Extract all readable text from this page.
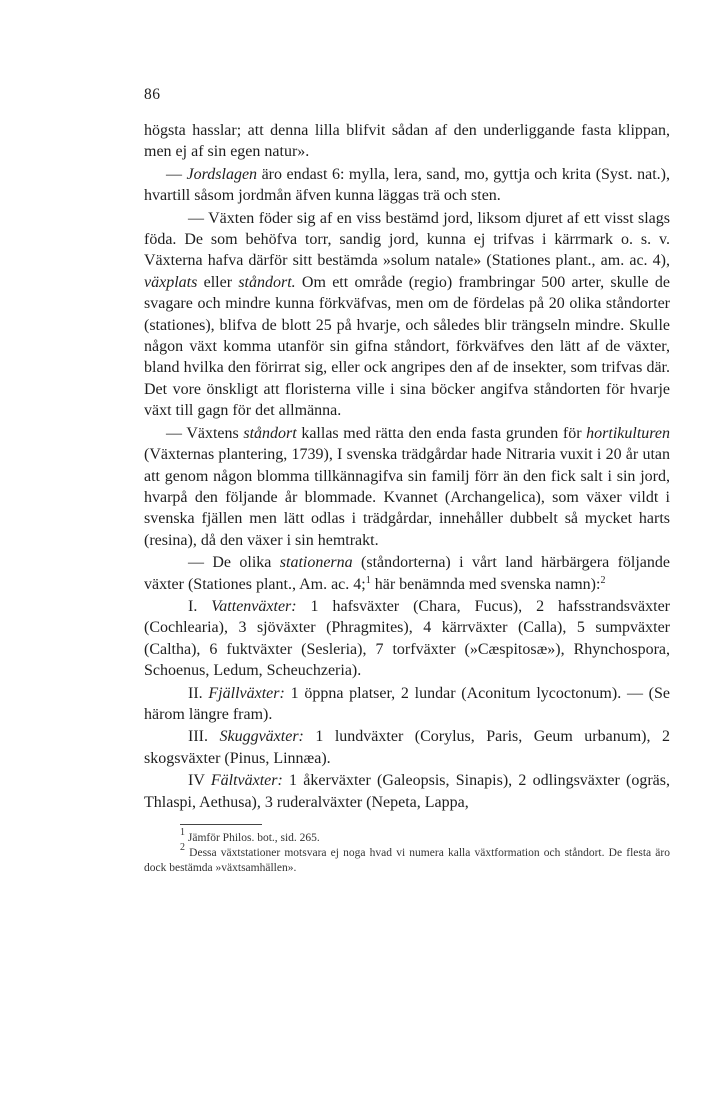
86

högsta hasslar; att denna lilla blifvit sådan af den underliggande fasta klippan, men ej af sin egen natur».

— Jordslagen äro endast 6: mylla, lera, sand, mo, gyttja och krita (Syst. nat.), hvartill såsom jordmån äfven kunna läggas trä och sten.

— Växten föder sig af en viss bestämd jord, liksom djuret af ett visst slags föda. De som behöfva torr, sandig jord, kunna ej trifvas i kärrmark o. s. v. Växterna hafva därför sitt bestämda »solum natale» (Stationes plant., am. ac. 4), växplats eller ståndort. Om ett område (regio) frambringar 500 arter, skulle de svagare och mindre kunna förkväfvas, men om de fördelas på 20 olika ståndorter (stationes), blifva de blott 25 på hvarje, och således blir trängseln mindre. Skulle någon växt komma utanför sin gifna ståndort, förkväfves den lätt af de växter, bland hvilka den förirrat sig, eller ock angripes den af de insekter, som trifvas där. Det vore önskligt att floristerna ville i sina böcker angifva ståndorten för hvarje växt till gagn för det allmänna.

— Växtens ståndort kallas med rätta den enda fasta grunden för hortikulturen (Växternas plantering, 1739), I svenska trädgårdar hade Nitraria vuxit i 20 år utan att genom någon blomma tillkännagifva sin familj förr än den fick salt i sin jord, hvarpå den följande år blommade. Kvannet (Archangelica), som växer vildt i svenska fjällen men lätt odlas i trädgårdar, innehåller dubbelt så mycket harts (resina), då den växer i sin hemtrakt.

— De olika stationerna (ståndorterna) i vårt land härbärgera följande växter (Stationes plant., Am. ac. 4;$^1$ här benämnda med svenska namn):$^2$

I. Vattenväxter: 1 hafsväxter (Chara, Fucus), 2 hafsstrandsväxter (Cochlearia), 3 sjöväxter (Phragmites), 4 kärrväxter (Calla), 5 sumpväxter (Caltha), 6 fuktväxter (Sesleria), 7 torfväxter (»Cæspitosæ»), Rhynchospora, Schoenus, Ledum, Scheuchzeria).

II. Fjällväxter: 1 öppna platser, 2 lundar (Aconitum lycoctonum). — (Se härom längre fram).

III. Skuggväxter: 1 lundväxter (Corylus, Paris, Geum urbanum), 2 skogsväxter (Pinus, Linnæa).

IV Fältväxter: 1 åkerväxter (Galeopsis, Sinapis), 2 odlingsväxter (ogräs, Thlaspi, Aethusa), 3 ruderalväxter (Nepeta, Lappa,

$^1$ Jämför Philos. bot., sid. 265.

$^2$ Dessa växtstationer motsvara ej noga hvad vi numera kalla växtformation och ståndort. De flesta äro dock bestämda »växtsamhällen».
